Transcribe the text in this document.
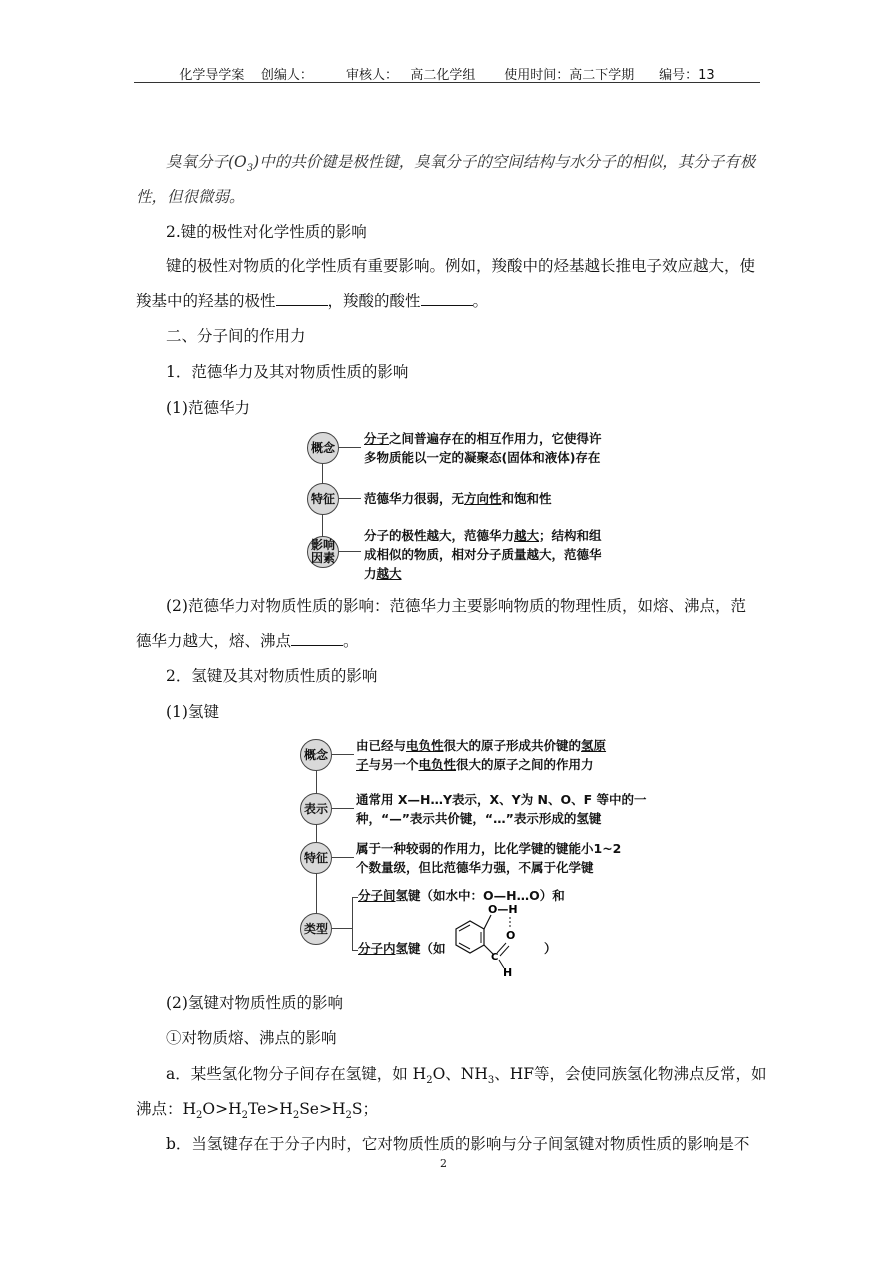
化学导学案    创编人：        审核人：   高二化学组       使用时间：高二下学期      编号：13
臭氧分子$(O_3)$中的共价键是极性键，臭氧分子的空间结构与水分子的相似，其分子有极
性，但很微弱。
2.键的极性对化学性质的影响
键的极性对物质的化学性质有重要影响。例如，羧酸中的烃基越长推电子效应越大，使
羧基中的羟基的极性	，羧酸的酸性	。
二、分子间的作用力
1．范德华力及其对物质性质的影响
(1)范德华力
概念
分子之间普遍存在的相互作用力，它使得许
多物质能以一定的凝聚态(固体和液体)存在
特征	范德华力很弱，无方向性和饱和性
影响
因素
分子的极性越大，范德华力越大；结构和组
成相似的物质，相对分子质量越大，范德华
力越大
(2)范德华力对物质性质的影响：范德华力主要影响物质的物理性质，如熔、沸点，范
德华力越大，熔、沸点	。
2．氢键及其对物质性质的影响
(1)氢键
概念
由已经与电负性很大的原子形成共价键的氢原
子与另一个电负性很大的原子之间的作用力
表示
通常用 X—H…Y表示，X、Y为 N、O、F 等中的一
种，“—”表示共价键，“…”表示形成的氢键
特征
属于一种较弱的作用力，比化学键的键能小1~2
个数量级，但比范德华力强，不属于化学键
类型
分子间氢键（如水中：O—H…O）和
分子内氢键（如
O—H
O
C
H
）
(2)氢键对物质性质的影响
①对物质熔、沸点的影响
a．某些氢化物分子间存在氢键，如 $H_2O$、$NH_3$、HF等，会使同族氢化物沸点反常，如
沸点：$H_2O>H_2Te>H_2Se>H_2S$；
b．当氢键存在于分子内时，它对物质性质的影响与分子间氢键对物质性质的影响是不
2
